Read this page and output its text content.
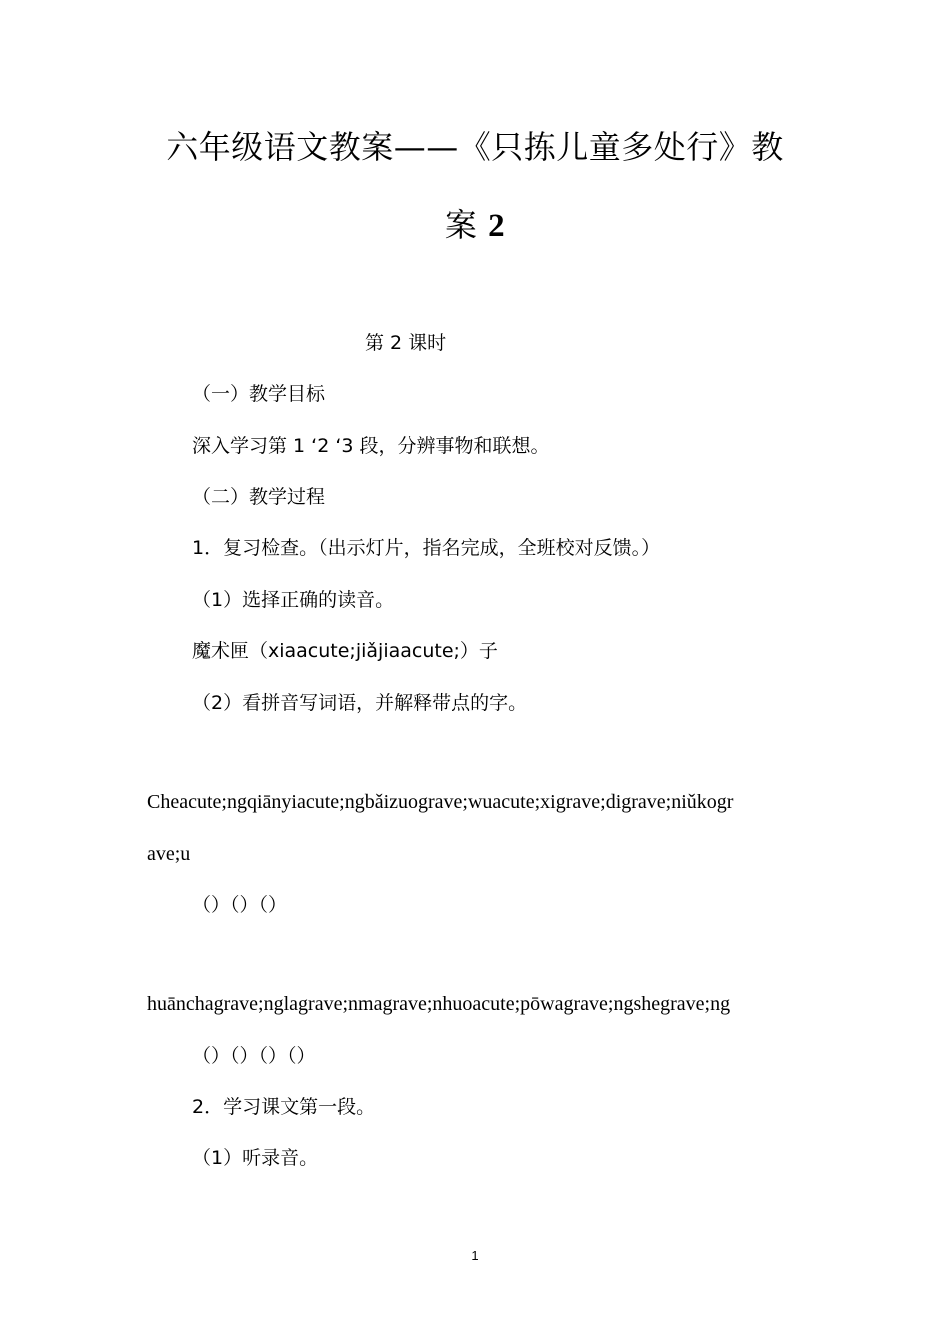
六年级语文教案——《只拣儿童多处行》教
案 2
第 2 课时
（一）教学目标
深入学习第 1 ‘2 ‘3 段，分辨事物和联想。
（二）教学过程
1．复习检查。（出示灯片，指名完成，全班校对反馈。）
（1）选择正确的读音。
魔术匣（xiaacute;jiǎjiaacute;）子
（2）看拼音写词语，并解释带点的字。
Cheacute;ngqiānyiacute;ngbǎizuograve;wuacute;xigrave;digrave;niǔkogr
ave;u
（）（）（）
huānchagrave;nglagrave;nmagrave;nhuoacute;pōwagrave;ngshegrave;ng
（）（）（）（）
2．学习课文第一段。
（1）听录音。
1
